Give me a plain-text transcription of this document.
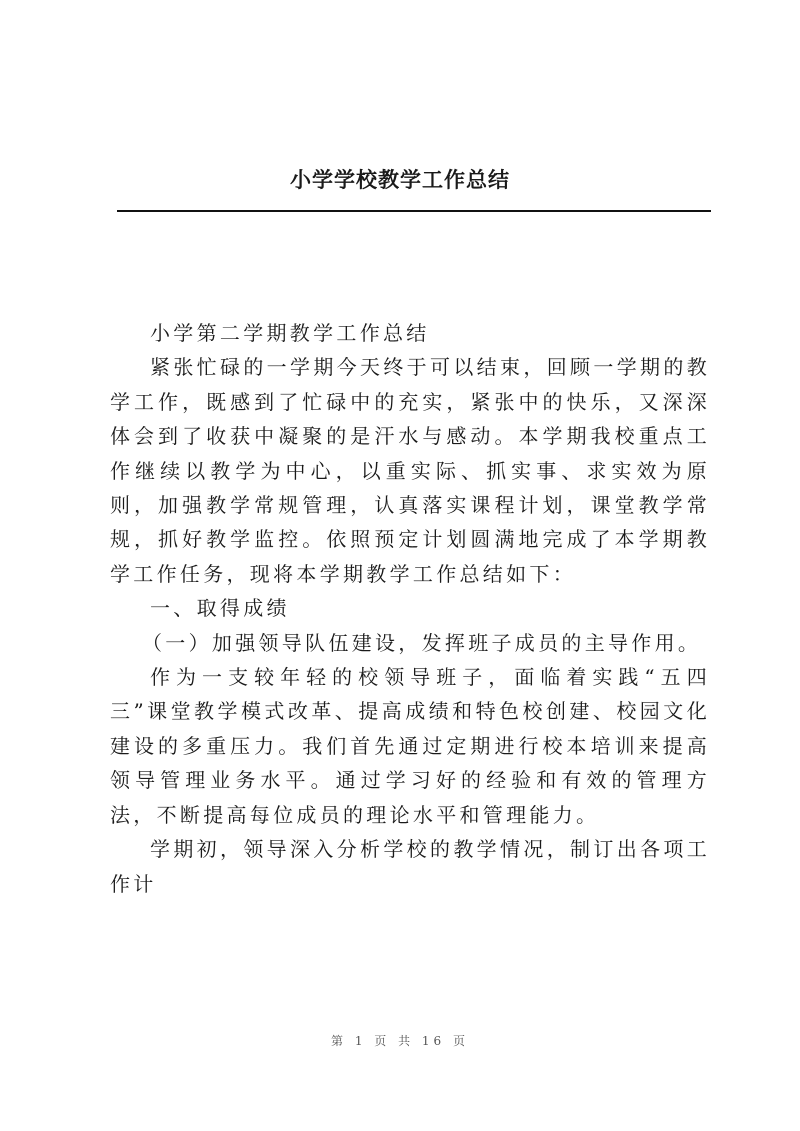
小学学校教学工作总结

小学第二学期教学工作总结

紧张忙碌的一学期今天终于可以结束，回顾一学期的教学工作，既感到了忙碌中的充实，紧张中的快乐，又深深体会到了收获中凝聚的是汗水与感动。本学期我校重点工作继续以教学为中心，以重实际、抓实事、求实效为原则，加强教学常规管理，认真落实课程计划，课堂教学常规，抓好教学监控。依照预定计划圆满地完成了本学期教学工作任务，现将本学期教学工作总结如下：

一、取得成绩

（一）加强领导队伍建设，发挥班子成员的主导作用。

作为一支较年轻的校领导班子，面临着实践“五四三”课堂教学模式改革、提高成绩和特色校创建、校园文化建设的多重压力。我们首先通过定期进行校本培训来提高领导管理业务水平。通过学习好的经验和有效的管理方法，不断提高每位成员的理论水平和管理能力。

学期初，领导深入分析学校的教学情况，制订出各项工作计

第 1 页 共 16 页
